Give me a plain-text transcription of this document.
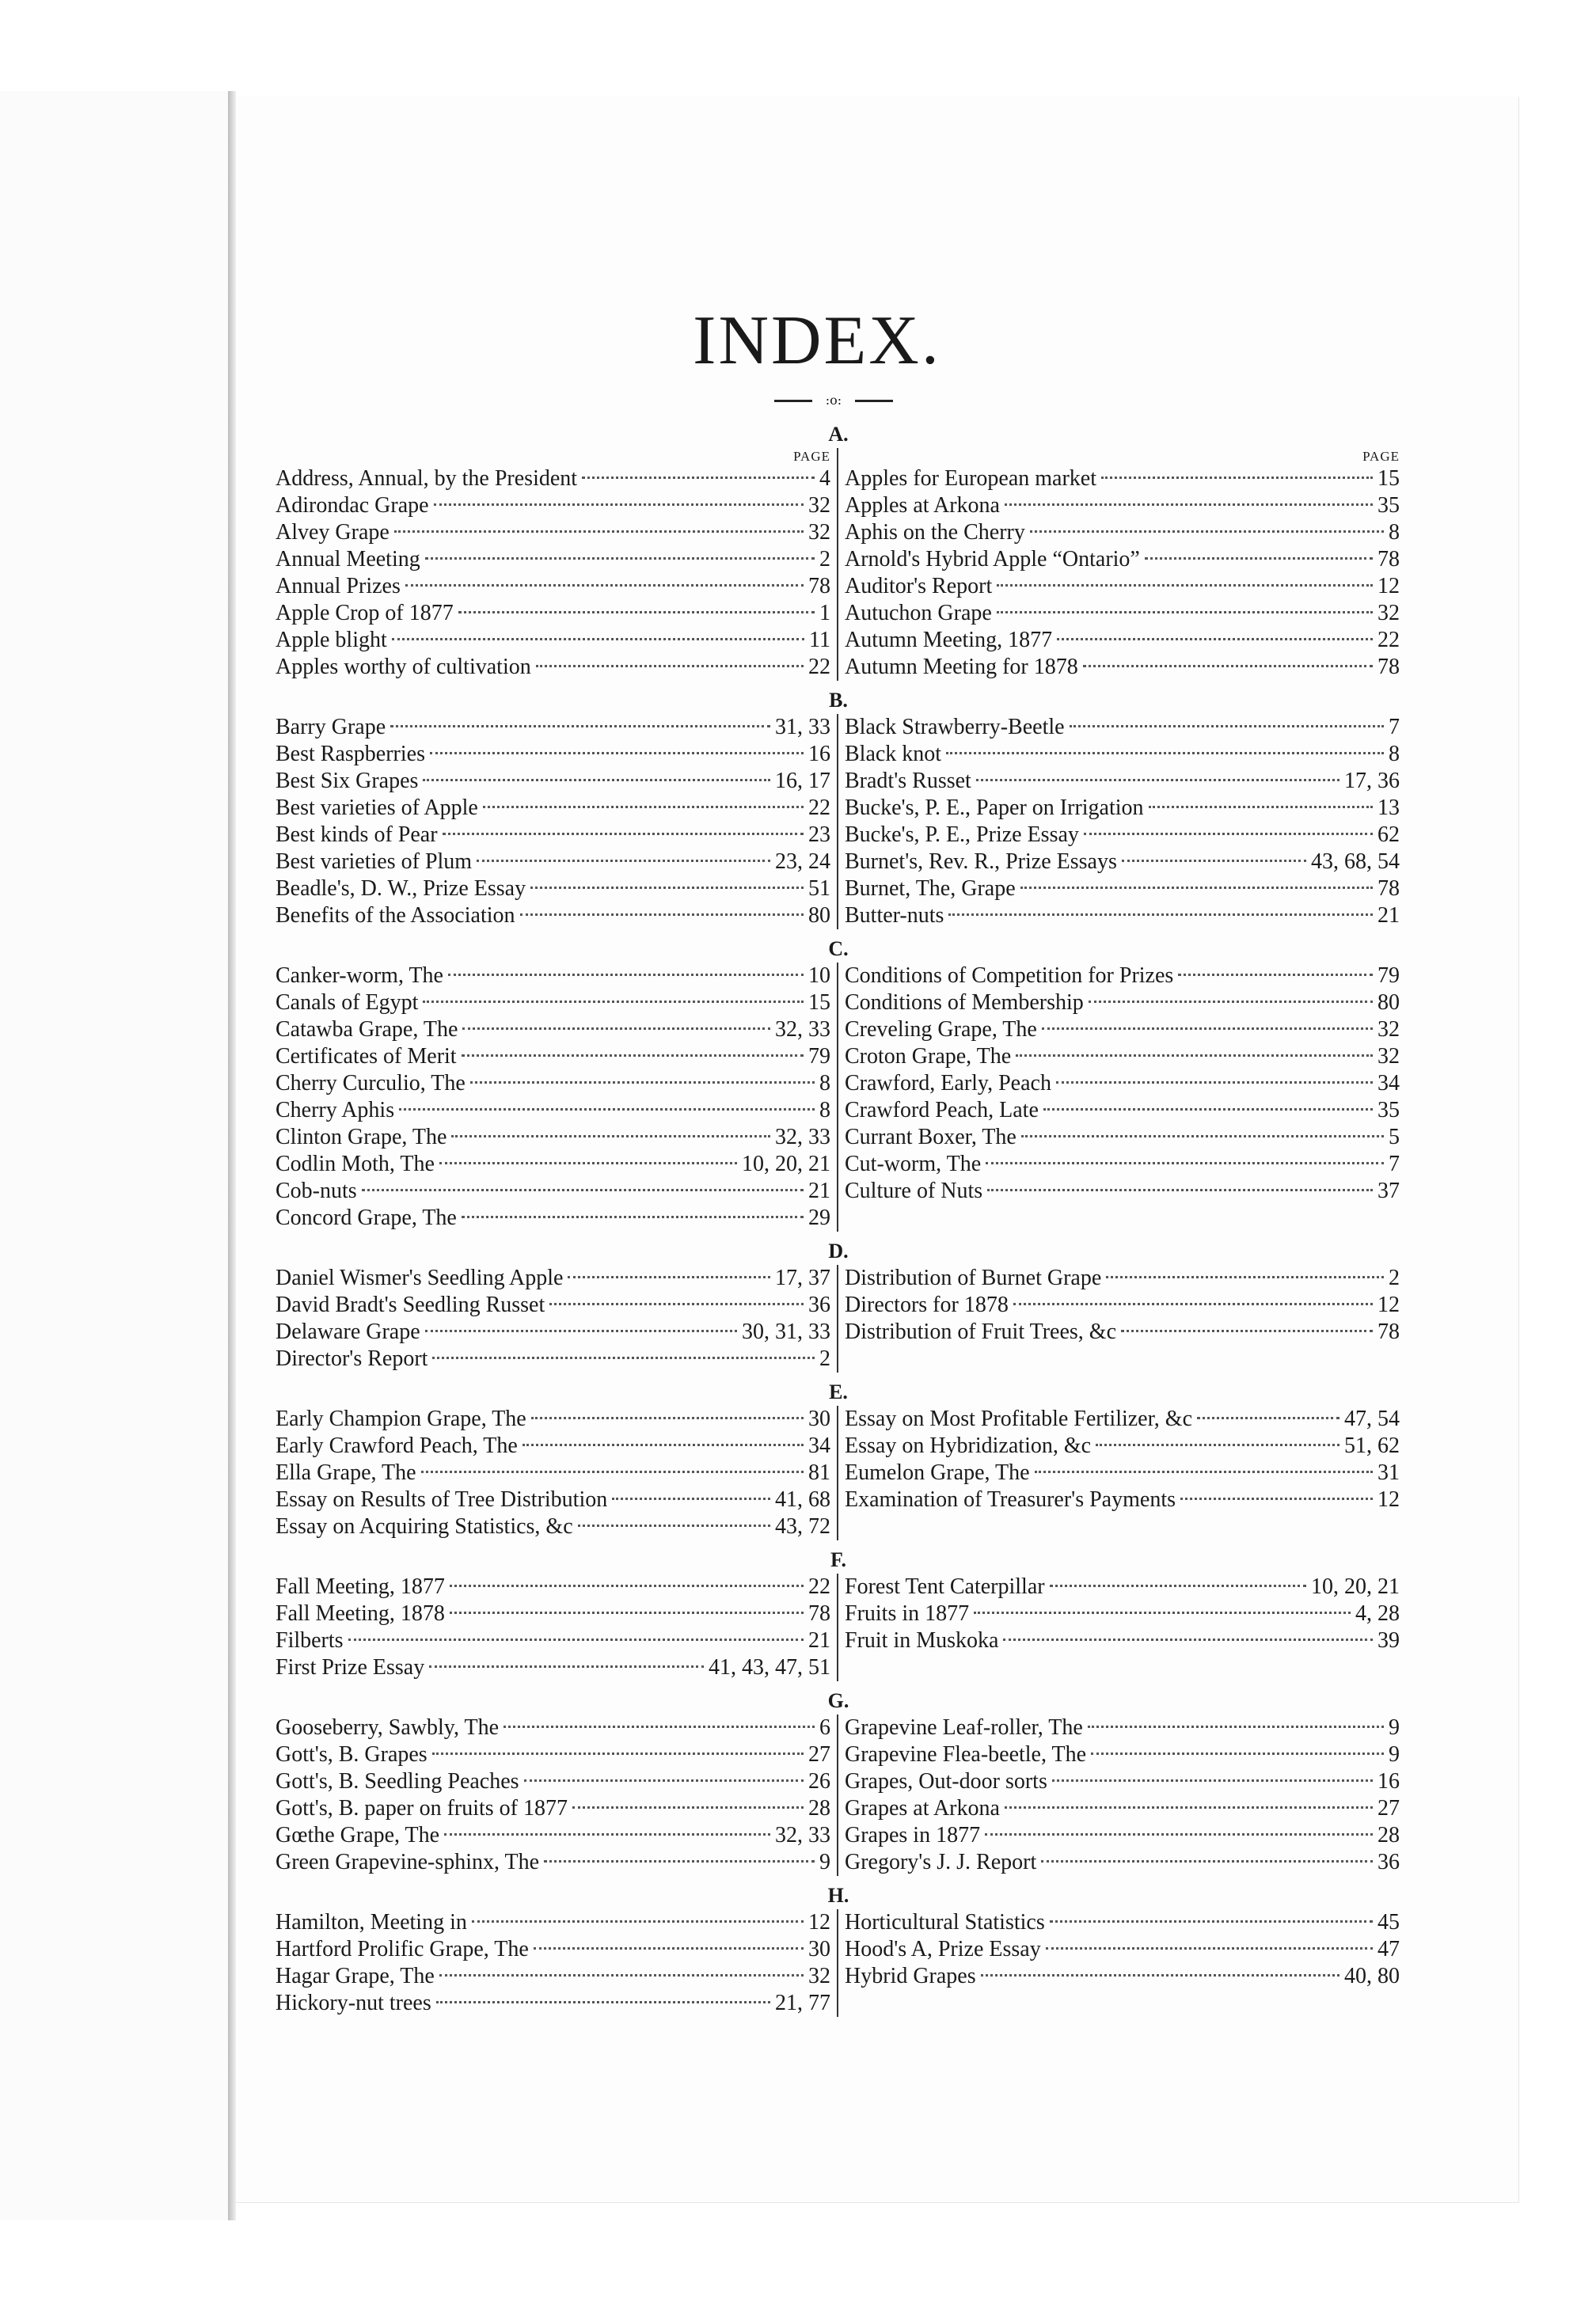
INDEX.
:o:
A.
PAGE
Address, Annual, by the President	4
Adirondac Grape	32
Alvey Grape	32
Annual Meeting	2
Annual Prizes	78
Apple Crop of 1877	1
Apple blight	11
Apples worthy of cultivation	22
PAGE
Apples for European market	15
Apples at Arkona	35
Aphis on the Cherry	8
Arnold's Hybrid Apple “Ontario”	78
Auditor's Report	12
Autuchon Grape	32
Autumn Meeting, 1877	22
Autumn Meeting for 1878	78
B.
Barry Grape	31, 33
Best Raspberries	16
Best Six Grapes	16, 17
Best varieties of Apple	22
Best kinds of Pear	23
Best varieties of Plum	23, 24
Beadle's, D. W., Prize Essay	51
Benefits of the Association	80
Black Strawberry-Beetle	7
Black knot	8
Bradt's Russet	17, 36
Bucke's, P. E., Paper on Irrigation	13
Bucke's, P. E., Prize Essay	62
Burnet's, Rev. R., Prize Essays	43, 68, 54
Burnet, The, Grape	78
Butter-nuts	21
C.
Canker-worm, The	10
Canals of Egypt	15
Catawba Grape, The	32, 33
Certificates of Merit	79
Cherry Curculio, The	8
Cherry Aphis	8
Clinton Grape, The	32, 33
Codlin Moth, The	10, 20, 21
Cob-nuts	21
Concord Grape, The	29
Conditions of Competition for Prizes	79
Conditions of Membership	80
Creveling Grape, The	32
Croton Grape, The	32
Crawford, Early, Peach	34
Crawford Peach, Late	35
Currant Boxer, The	5
Cut-worm, The	7
Culture of Nuts	37
D.
Daniel Wismer's Seedling Apple	17, 37
David Bradt's Seedling Russet	36
Delaware Grape	30, 31, 33
Director's Report	2
Distribution of Burnet Grape	2
Directors for 1878	12
Distribution of Fruit Trees, &c	78
E.
Early Champion Grape, The	30
Early Crawford Peach, The	34
Ella Grape, The	81
Essay on Results of Tree Distribution	41, 68
Essay on Acquiring Statistics, &c	43, 72
Essay on Most Profitable Fertilizer, &c	47, 54
Essay on Hybridization, &c	51, 62
Eumelon Grape, The	31
Examination of Treasurer's Payments	12
F.
Fall Meeting, 1877	22
Fall Meeting, 1878	78
Filberts	21
First Prize Essay	41, 43, 47, 51
Forest Tent Caterpillar	10, 20, 21
Fruits in 1877	4, 28
Fruit in Muskoka	39
G.
Gooseberry, Sawbly, The	6
Gott's, B. Grapes	27
Gott's, B. Seedling Peaches	26
Gott's, B. paper on fruits of 1877	28
Gœthe Grape, The	32, 33
Green Grapevine-sphinx, The	9
Grapevine Leaf-roller, The	9
Grapevine Flea-beetle, The	9
Grapes, Out-door sorts	16
Grapes at Arkona	27
Grapes in 1877	28
Gregory's J. J. Report	36
H.
Hamilton, Meeting in	12
Hartford Prolific Grape, The	30
Hagar Grape, The	32
Hickory-nut trees	21, 77
Horticultural Statistics	45
Hood's A, Prize Essay	47
Hybrid Grapes	40, 80
